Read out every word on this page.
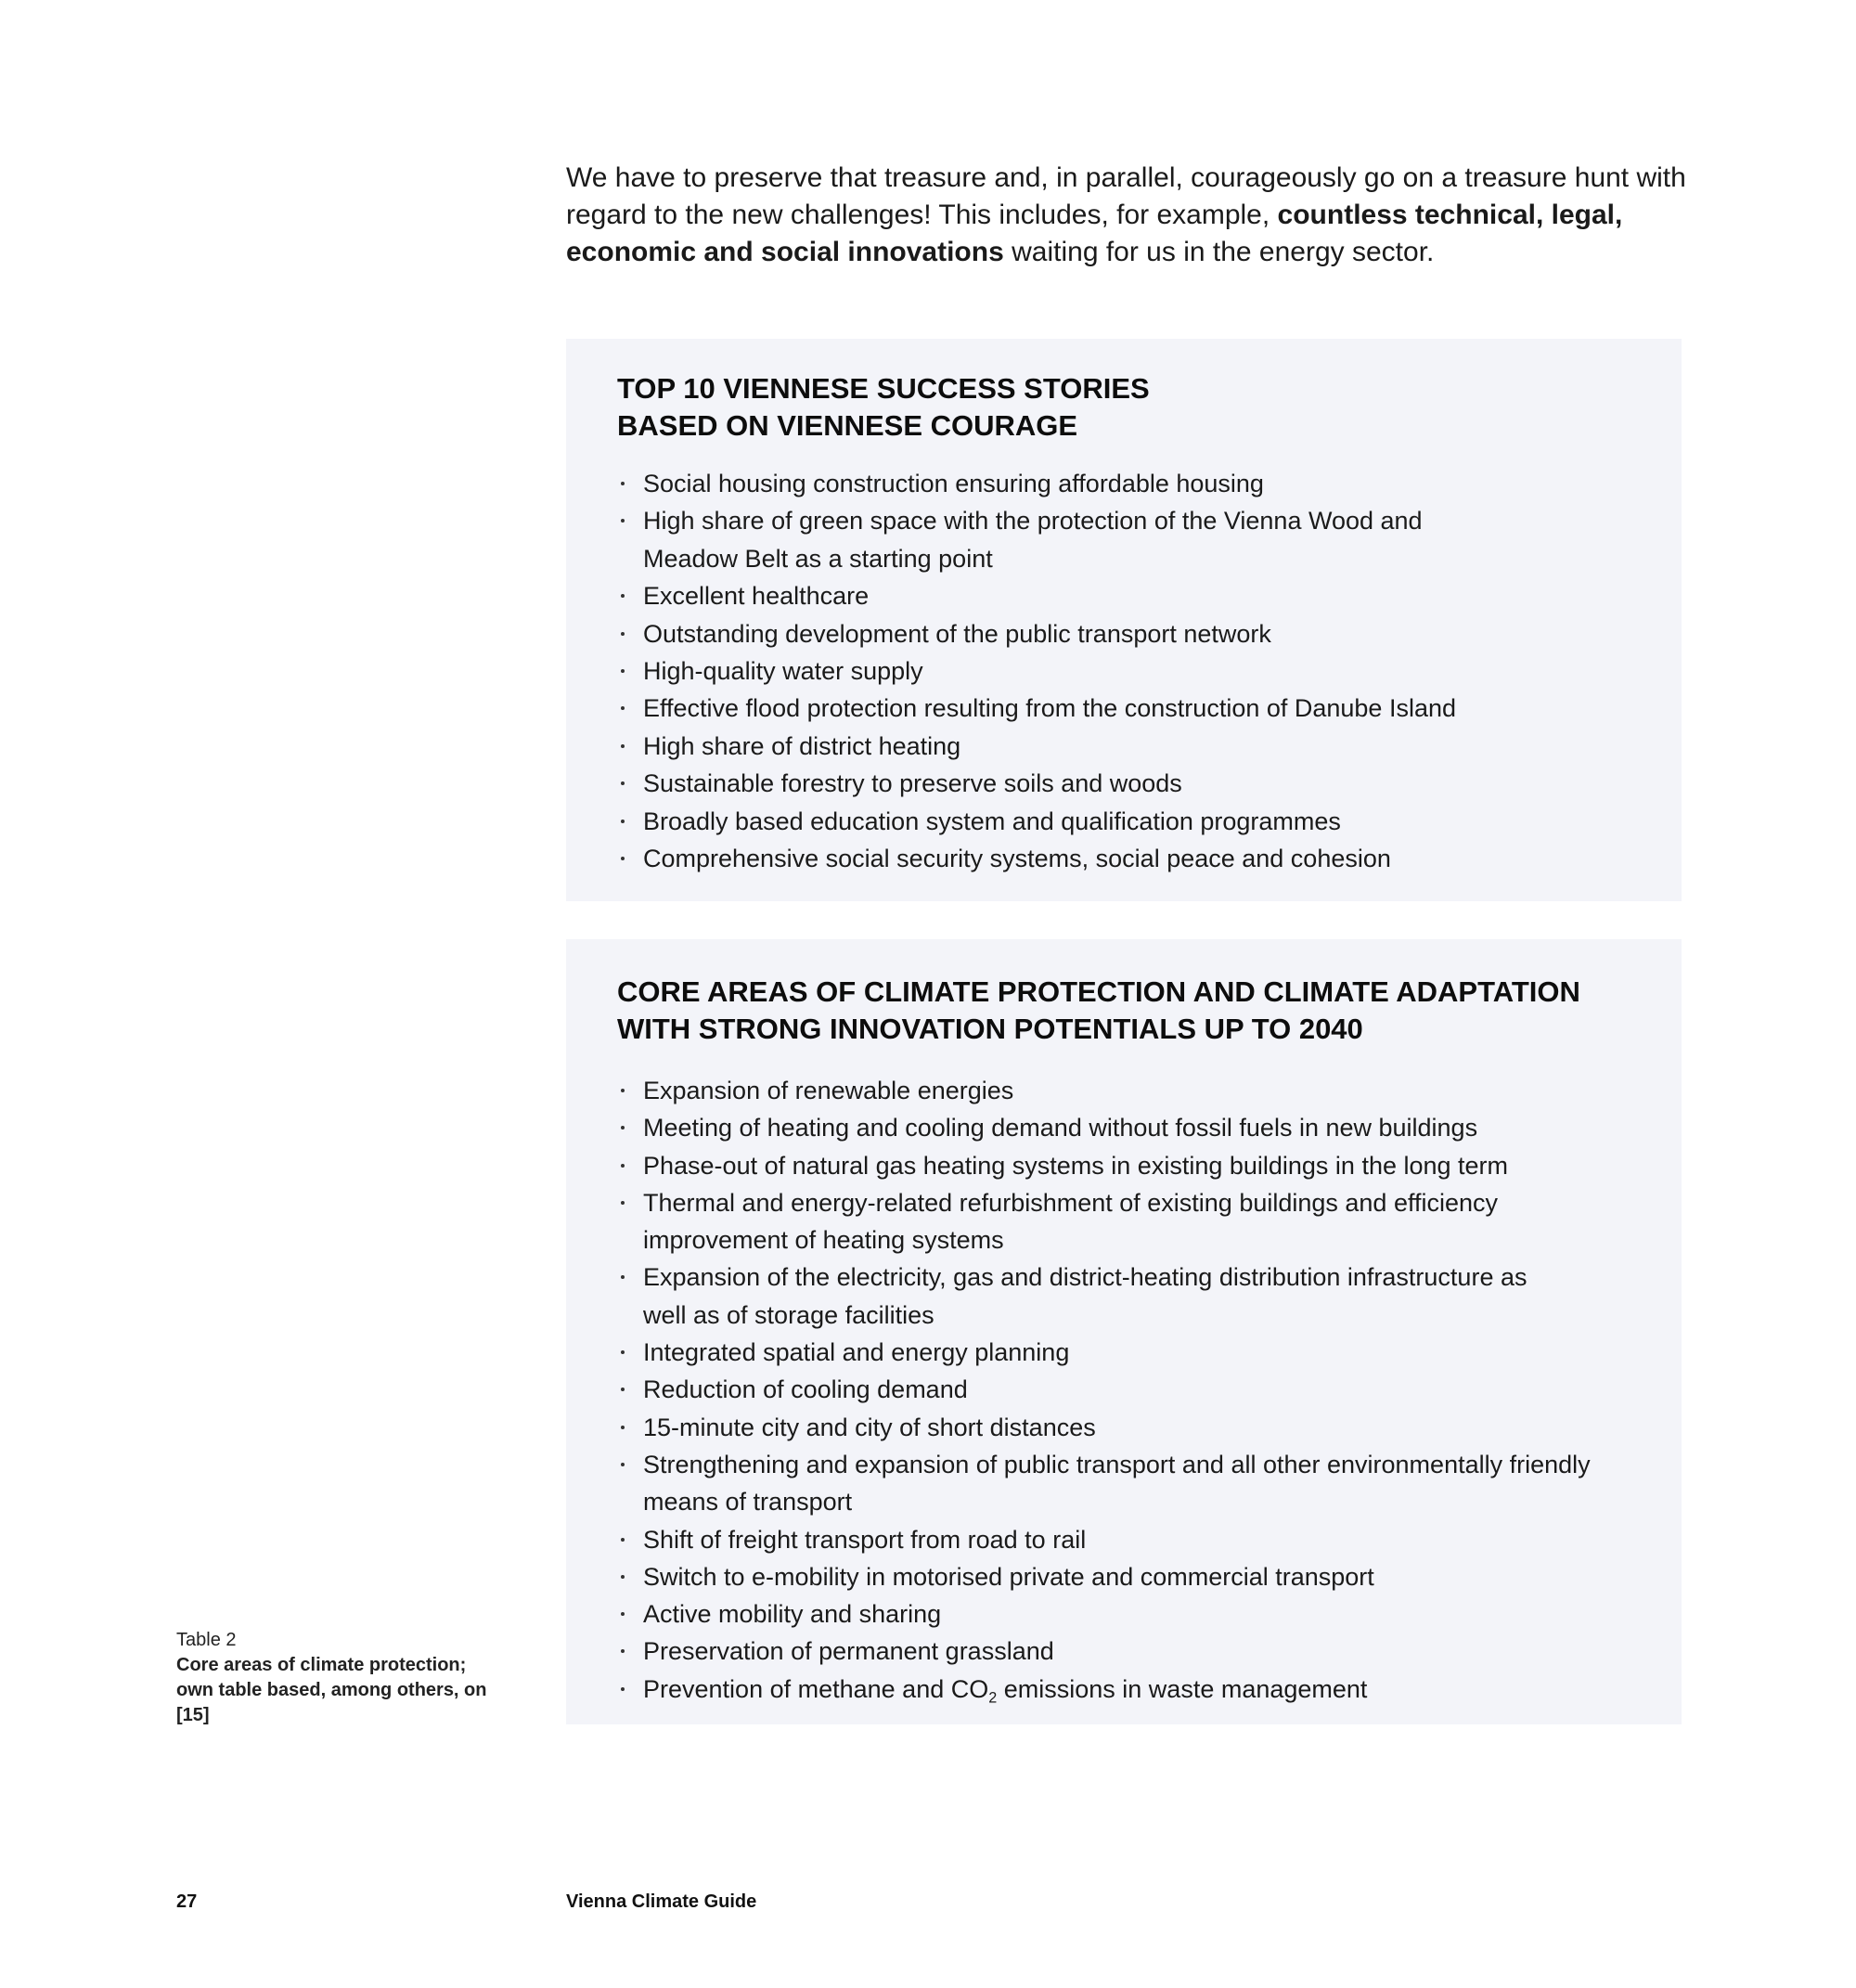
We have to preserve that treasure and, in parallel, courageously go on a treasure hunt with regard to the new challenges! This includes, for example, countless technical, legal, economic and social innovations waiting for us in the energy sector.

TOP 10 VIENNESE SUCCESS STORIES
BASED ON VIENNESE COURAGE
Social housing construction ensuring affordable housing
High share of green space with the protection of the Vienna Wood and Meadow Belt as a starting point
Excellent healthcare
Outstanding development of the public transport network
High-quality water supply
Effective flood protection resulting from the construction of Danube Island
High share of district heating
Sustainable forestry to preserve soils and woods
Broadly based education system and qualification programmes
Comprehensive social security systems, social peace and cohesion
CORE AREAS OF CLIMATE PROTECTION AND CLIMATE ADAPTATION
WITH STRONG INNOVATION POTENTIALS UP TO 2040
Expansion of renewable energies
Meeting of heating and cooling demand without fossil fuels in new buildings
Phase-out of natural gas heating systems in existing buildings in the long term
Thermal and energy-related refurbishment of existing buildings and efficiency improvement of heating systems
Expansion of the electricity, gas and district-heating distribution infrastructure as well as of storage facilities
Integrated spatial and energy planning
Reduction of cooling demand
15-minute city and city of short distances
Strengthening and expansion of public transport and all other environmentally friendly means of transport
Shift of freight transport from road to rail
Switch to e-mobility in motorised private and commercial transport
Active mobility and sharing
Preservation of permanent grassland
Prevention of methane and $CO_2$ emissions in waste management
Table 2
Core areas of climate protection; own table based, among others, on [15]
27	Vienna Climate Guide
